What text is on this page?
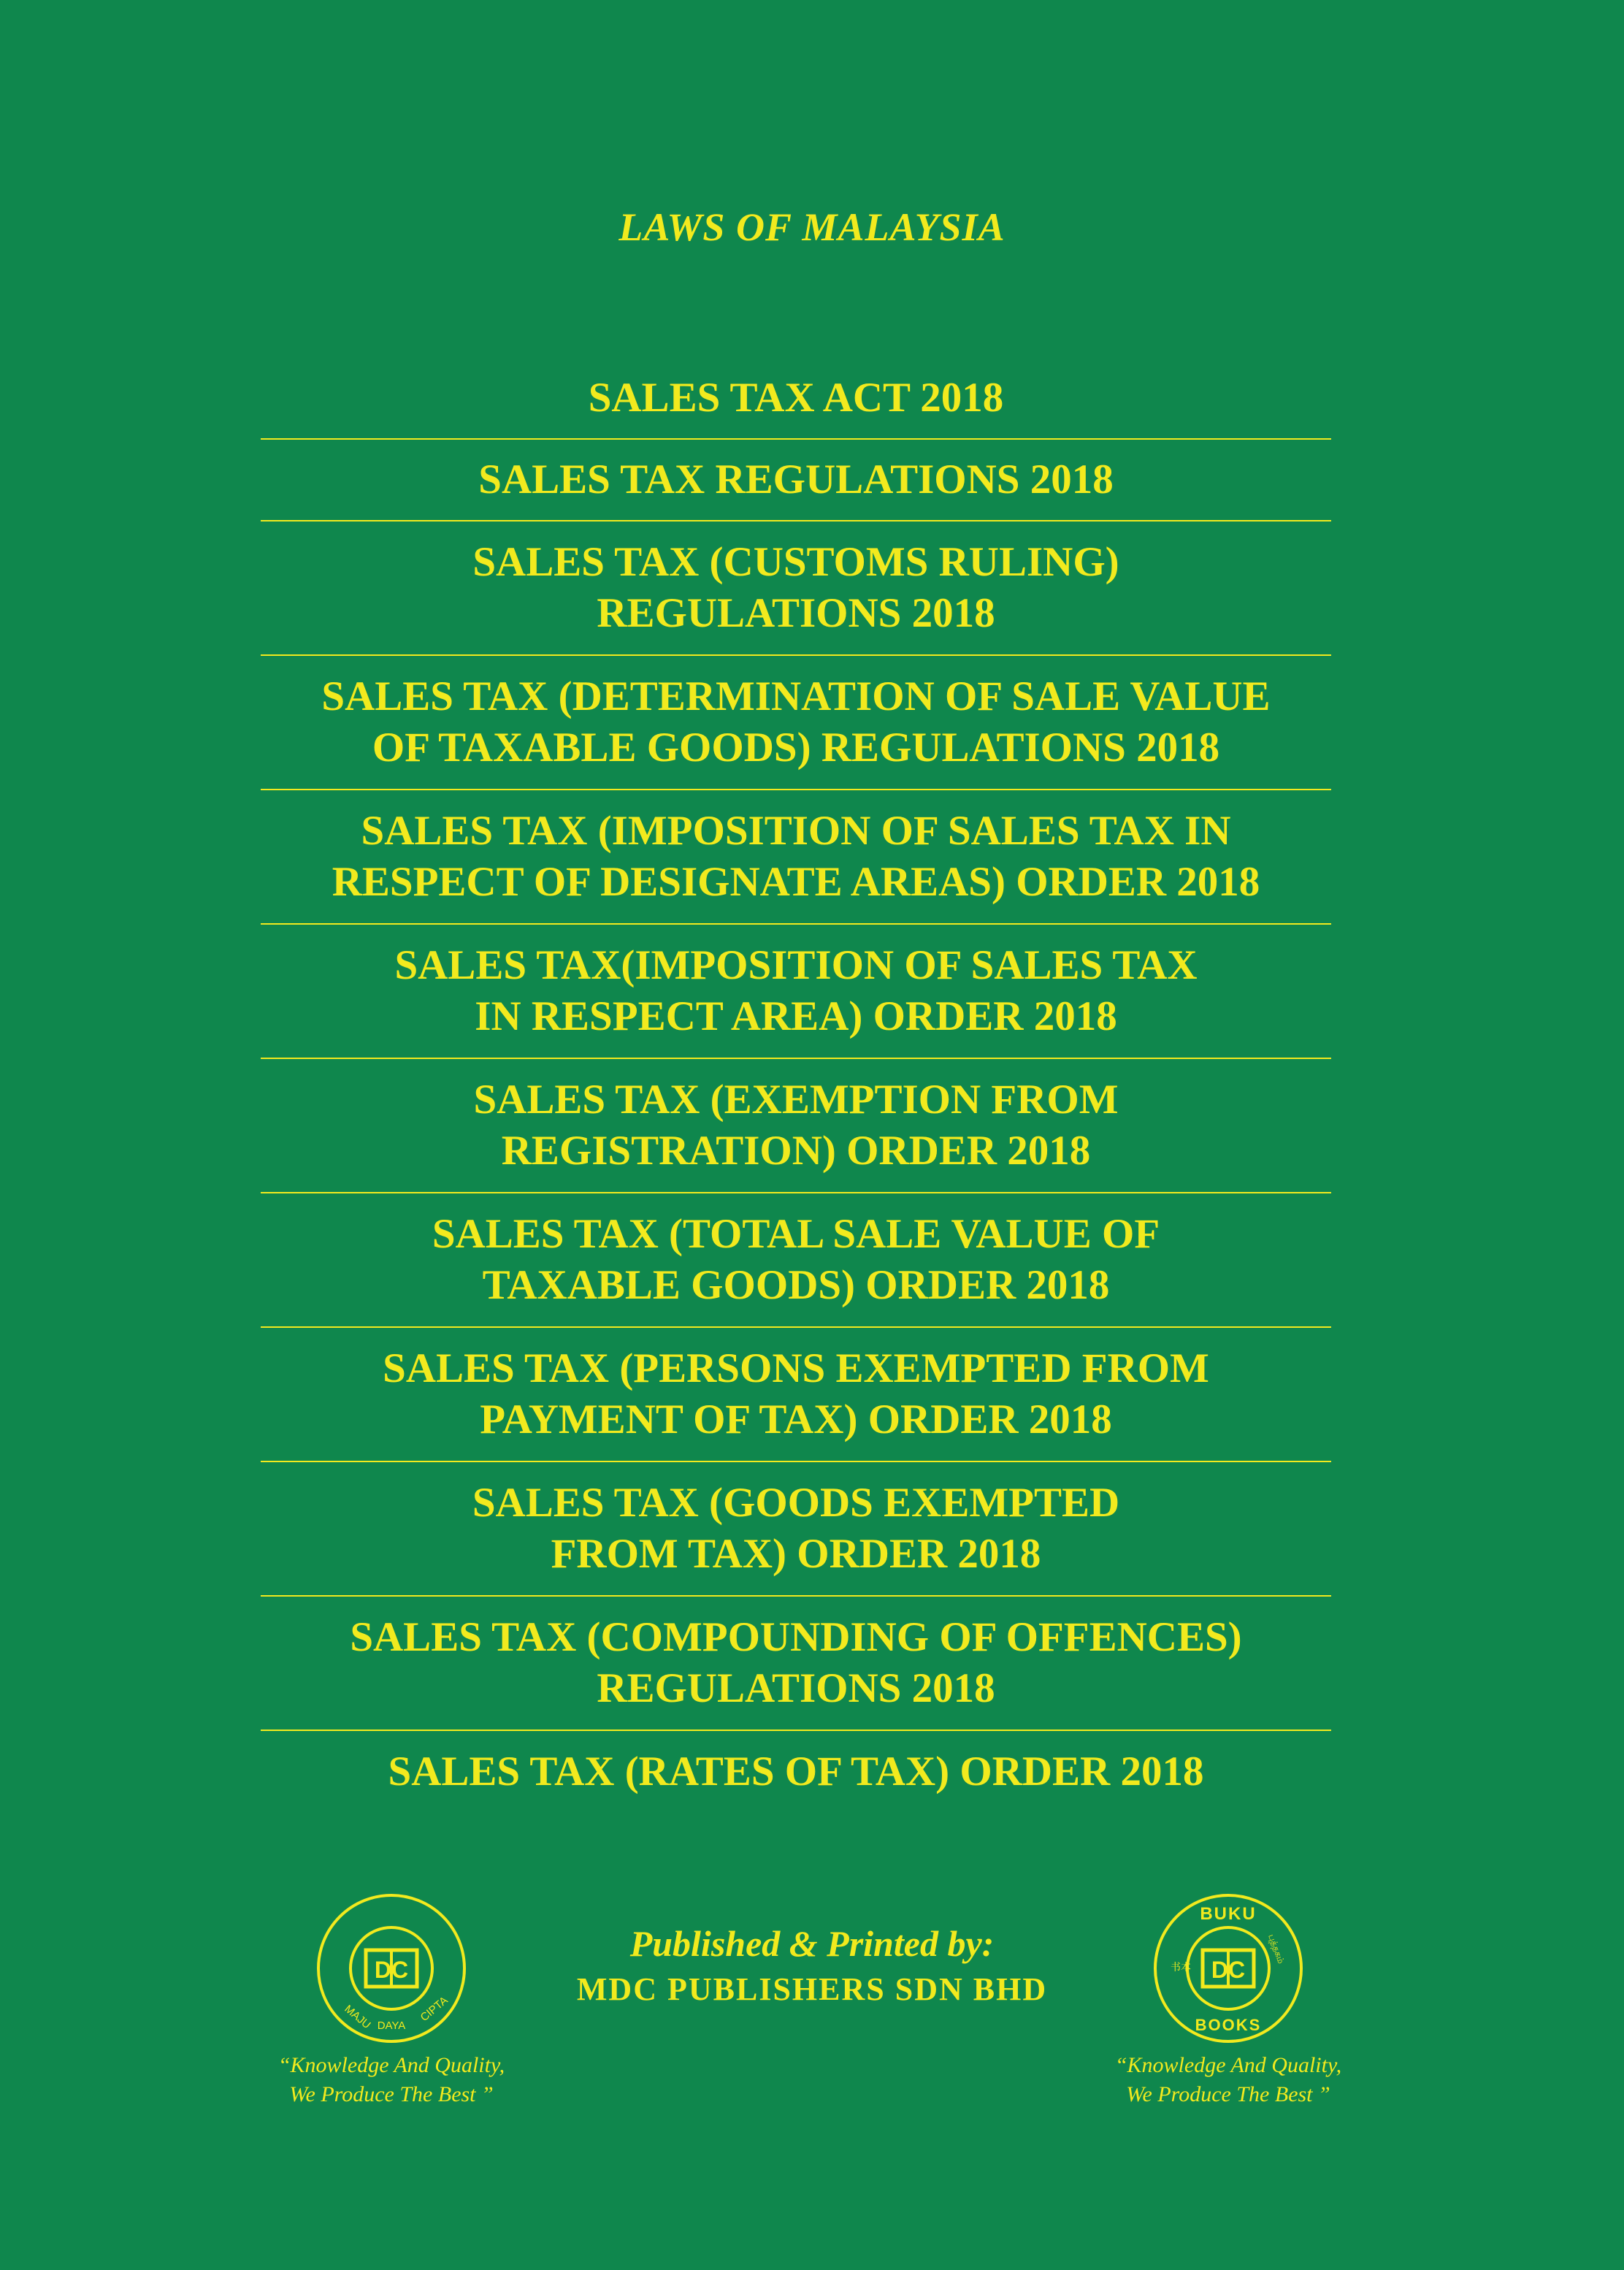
LAWS OF MALAYSIA
SALES TAX ACT 2018
SALES TAX REGULATIONS 2018
SALES TAX (CUSTOMS RULING)
REGULATIONS 2018
SALES TAX (DETERMINATION OF SALE VALUE
OF TAXABLE GOODS) REGULATIONS 2018
SALES TAX (IMPOSITION OF SALES TAX IN
RESPECT OF DESIGNATE AREAS) ORDER 2018
SALES TAX(IMPOSITION OF SALES TAX
IN RESPECT AREA) ORDER 2018
SALES TAX (EXEMPTION FROM
REGISTRATION) ORDER 2018
SALES TAX (TOTAL SALE VALUE OF
TAXABLE GOODS) ORDER 2018
SALES TAX (PERSONS EXEMPTED FROM
PAYMENT OF TAX) ORDER 2018
SALES TAX (GOODS EXEMPTED
FROM TAX) ORDER 2018
SALES TAX (COMPOUNDING OF OFFENCES)
REGULATIONS 2018
SALES TAX (RATES OF TAX) ORDER 2018
DC
MAJU DAYA
CIPTA
“Knowledge And Quality,
We Produce The Best ”
Published & Printed by:
MDC PUBLISHERS SDN BHD
DC
BUKU
BOOKS
书本
புத்தகம்
“Knowledge And Quality,
We Produce The Best ”
